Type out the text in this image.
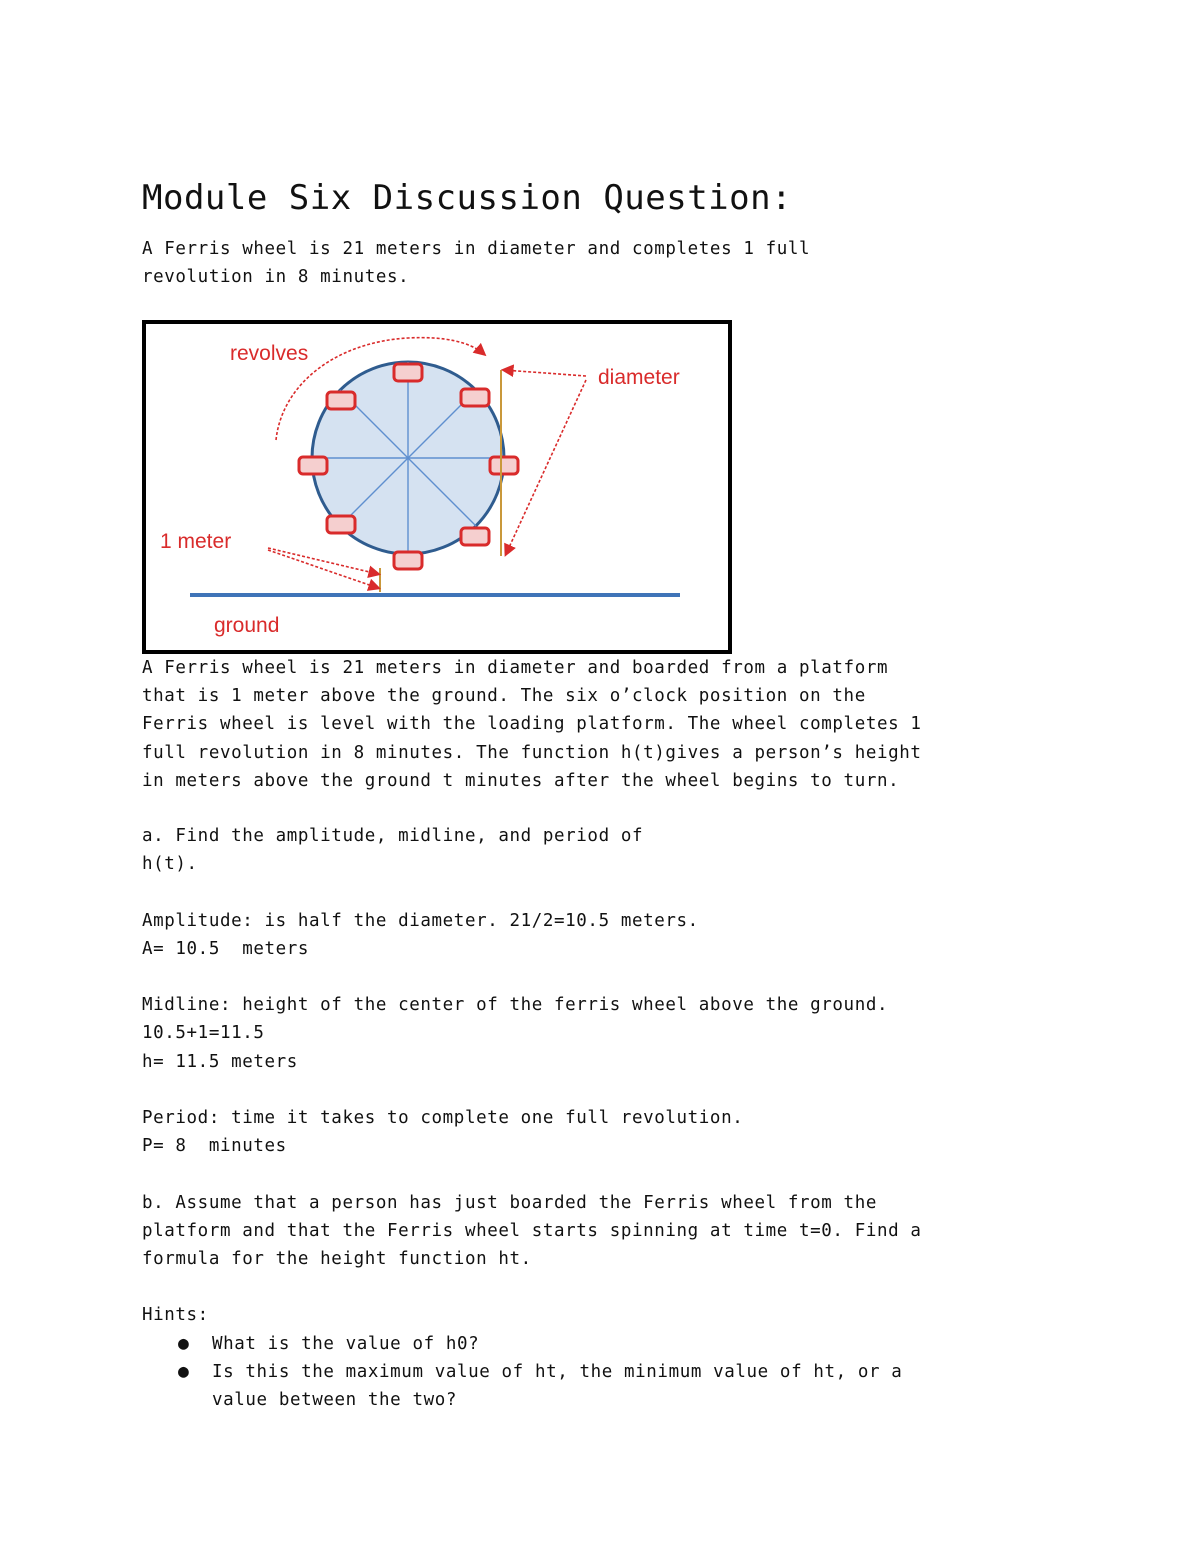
Module Six Discussion Question:

A Ferris wheel is 21 meters in diameter and completes 1 full

revolution in 8 minutes.

revolves
diameter
1 meter
ground

A Ferris wheel is 21 meters in diameter and boarded from a platform

that is 1 meter above the ground. The six o’clock position on the

Ferris wheel is level with the loading platform. The wheel completes 1

full revolution in 8 minutes. The function h(t)gives a person’s height

in meters above the ground t minutes after the wheel begins to turn.

a. Find the amplitude, midline, and period of

h(t).

Amplitude: is half the diameter. 21/2=10.5 meters.

A= 10.5  meters

Midline: height of the center of the ferris wheel above the ground.

10.5+1=11.5

h= 11.5 meters

Period: time it takes to complete one full revolution.

P= 8  minutes

b. Assume that a person has just boarded the Ferris wheel from the

platform and that the Ferris wheel starts spinning at time t=0. Find a

formula for the height function ht.

Hints:

● What is the value of h0?
● Is this the maximum value of ht, the minimum value of ht, or a
value between the two?
